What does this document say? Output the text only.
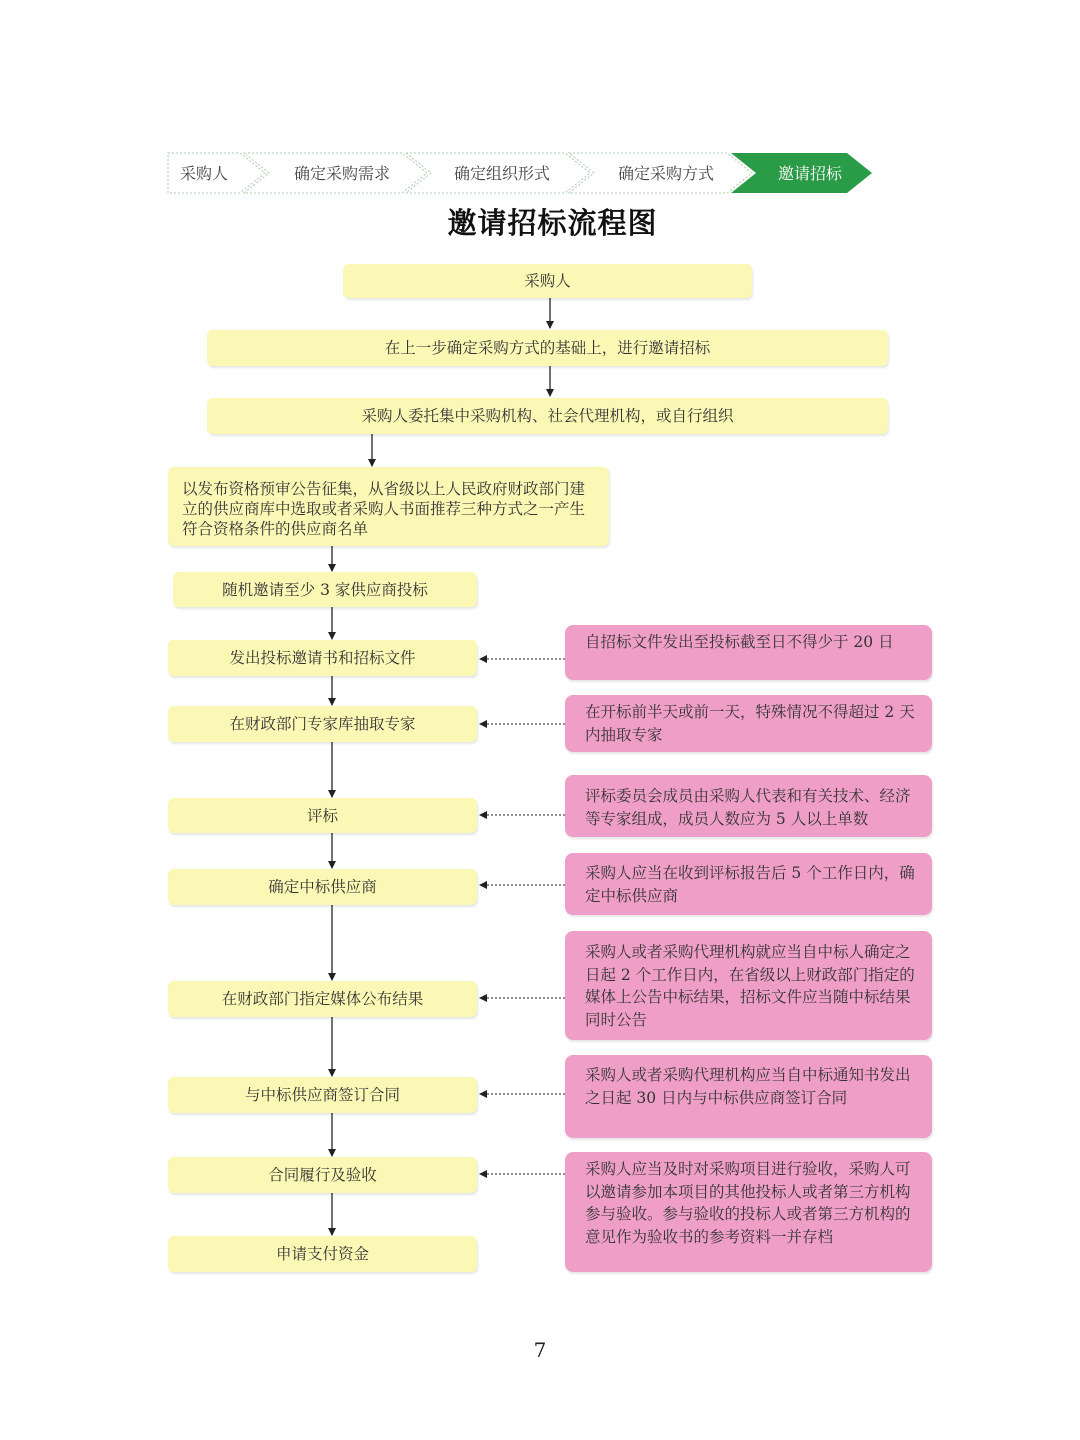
采购人	确定采购需求	确定组织形式	确定采购方式	邀请招标
邀请招标流程图
采购人
在上一步确定采购方式的基础上，进行邀请招标
采购人委托集中采购机构、社会代理机构，或自行组织
以发布资格预审公告征集，从省级以上人民政府财政部门建立的供应商库中选取或者采购人书面推荐三种方式之一产生符合资格条件的供应商名单
随机邀请至少 3 家供应商投标
发出投标邀请书和招标文件
在财政部门专家库抽取专家
评标
确定中标供应商
在财政部门指定媒体公布结果
与中标供应商签订合同
合同履行及验收
申请支付资金
自招标文件发出至投标截至日不得少于 20 日
在开标前半天或前一天，特殊情况不得超过 2 天内抽取专家
评标委员会成员由采购人代表和有关技术、经济等专家组成，成员人数应为 5 人以上单数
采购人应当在收到评标报告后 5 个工作日内，确定中标供应商
采购人或者采购代理机构就应当自中标人确定之日起 2 个工作日内，在省级以上财政部门指定的媒体上公告中标结果，招标文件应当随中标结果同时公告
采购人或者采购代理机构应当自中标通知书发出之日起 30 日内与中标供应商签订合同
采购人应当及时对采购项目进行验收，采购人可以邀请参加本项目的其他投标人或者第三方机构参与验收。参与验收的投标人或者第三方机构的意见作为验收书的参考资料一并存档
7
